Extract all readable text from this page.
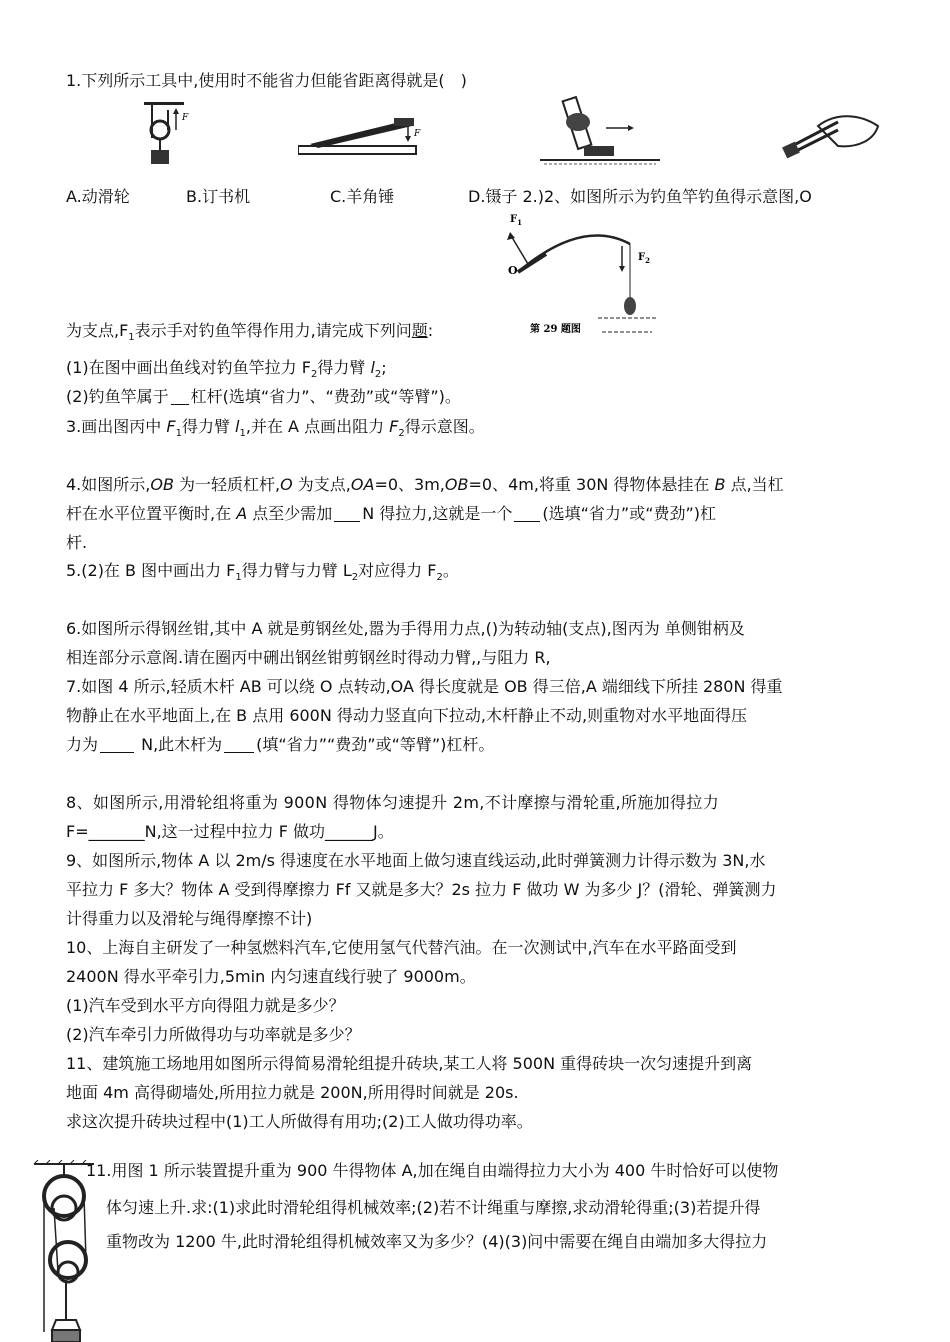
1.下列所示工具中,使用时不能省力但能省距离得就是(　)
F
F
A.动滑轮	B.订书机	C.羊角锤	D.镊子 2.)2、如图所示为钓鱼竿钓鱼得示意图,O
$F_1$
O
$F_2$
第 29 题图
为支点$,F_1$表示手对钓鱼竿得作用力,请完成下列问题:
(1)在图中画出鱼线对钓鱼竿拉力 $F_2$得力臂 $l_2$;
(2)钓鱼竿属于 杠杆(选填“省力”、“费劲”或“等臂”)。
3.画出图丙中 $F_1$得力臂 $l_1$,并在 A 点画出阻力 $F_2$得示意图。
4.如图所示,OB 为一轻质杠杆,O 为支点,OA=0、3m,OB=0、4m,将重 30N 得物体悬挂在 B 点,当杠
杆在水平位置平衡时,在 A 点至少需加 N 得拉力,这就是一个 (选填“省力”或“费劲”)杠
杆.
5.(2)在 B 图中画出力 $F_1$得力臂与力臂 $L_2$对应得力 $F_2$。
6.如图所示得钢丝钳,其中 A 就是剪钢丝处,嚣为手得用力点,()为转动轴(支点),图丙为 单侧钳柄及
相连部分示意阁.请在圈丙中硎出钢丝钳剪钢丝时得动力臂,,与阻力 R,
7.如图 4 所示,轻质木杆 AB 可以绕 O 点转动,OA 得长度就是 OB 得三倍,A 端细线下所挂 280N 得重
物静止在水平地面上,在 B 点用 600N 得动力竖直向下拉动,木杆静止不动,则重物对水平地面得压
力为 N,此木杆为 (填“省力”“费劲”或“等臂”)杠杆。
8、如图所示,用滑轮组将重为 900N 得物体匀速提升 2m,不计摩擦与滑轮重,所施加得拉力
F=_______N,这一过程中拉力 F 做功______J。
9、如图所示,物体 A 以 2m/s 得速度在水平地面上做匀速直线运动,此时弹簧测力计得示数为 3N,水
平拉力 F 多大？物体 A 受到得摩擦力 Ff 又就是多大？2s 拉力 F 做功 W 为多少 J？(滑轮、弹簧测力
计得重力以及滑轮与绳得摩擦不计)
10、上海自主研发了一种氢燃料汽车,它使用氢气代替汽油。在一次测试中,汽车在水平路面受到
2400N 得水平牵引力,5min 内匀速直线行驶了 9000m。
(1)汽车受到水平方向得阻力就是多少？
(2)汽车牵引力所做得功与功率就是多少？
11、建筑施工场地用如图所示得简易滑轮组提升砖块,某工人将 500N 重得砖块一次匀速提升到离
地面 4m 高得砌墙处,所用拉力就是 200N,所用得时间就是 20s.
求这次提升砖块过程中(1)工人所做得有用功;(2)工人做功得功率。
11.用图 1 所示装置提升重为 900 牛得物体 A,加在绳自由端得拉力大小为 400 牛时恰好可以使物
体匀速上升.求:(1)求此时滑轮组得机械效率;(2)若不计绳重与摩擦,求动滑轮得重;(3)若提升得
重物改为 1200 牛,此时滑轮组得机械效率又为多少？(4)(3)问中需要在绳自由端加多大得拉力
